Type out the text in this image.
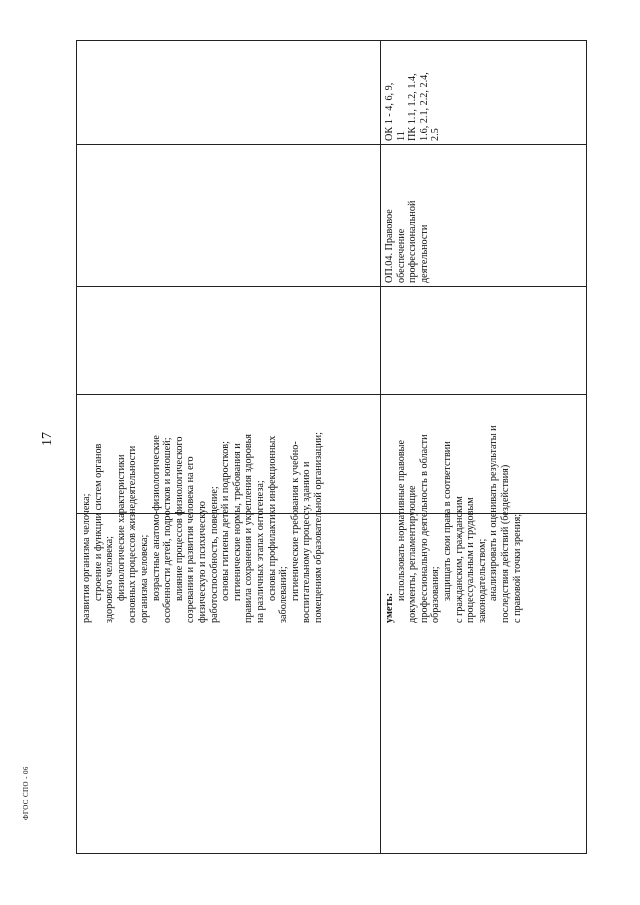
17
ФГОС СПО - 06
развития организма челочека; строение и функции систем органов здорового человека; физиологические характеристики основных процессов жизнедеятельности организма человека; возрастные анатомо-физиологические особенности детей, подростков и юношей; влияние процессов физиологического созревания и развития человека на его физическую и психическую работоспособность, поведение; основы гигиены детей и подростков; гигиенические нормы, требования и правила сохранения и укрепления здоровья на различных этапах онтогенеза; основы профилактики инфекционных заболеваний; гигиенические требования к учебно- воспитательному процессу, зданию и помещениям образовательной организации;	уметь:
использовать нормативные правовые документы, регламентирующие профессиональную деятельность в области образования; защищать свои права в соответствии с гражданским, гражданским процессуальным и трудовым законодательством; анализировать и оценивать результаты и последствия действий (бездействия) с правовой точки зрения;
ОП.04. Правовое обеспечение профессиональной деятельности
ОК 1 - 4, 6, 9, 11 ПК 1.1, 1.2, 1.4, 1.6, 2.1, 2.2, 2.4, 2.5
